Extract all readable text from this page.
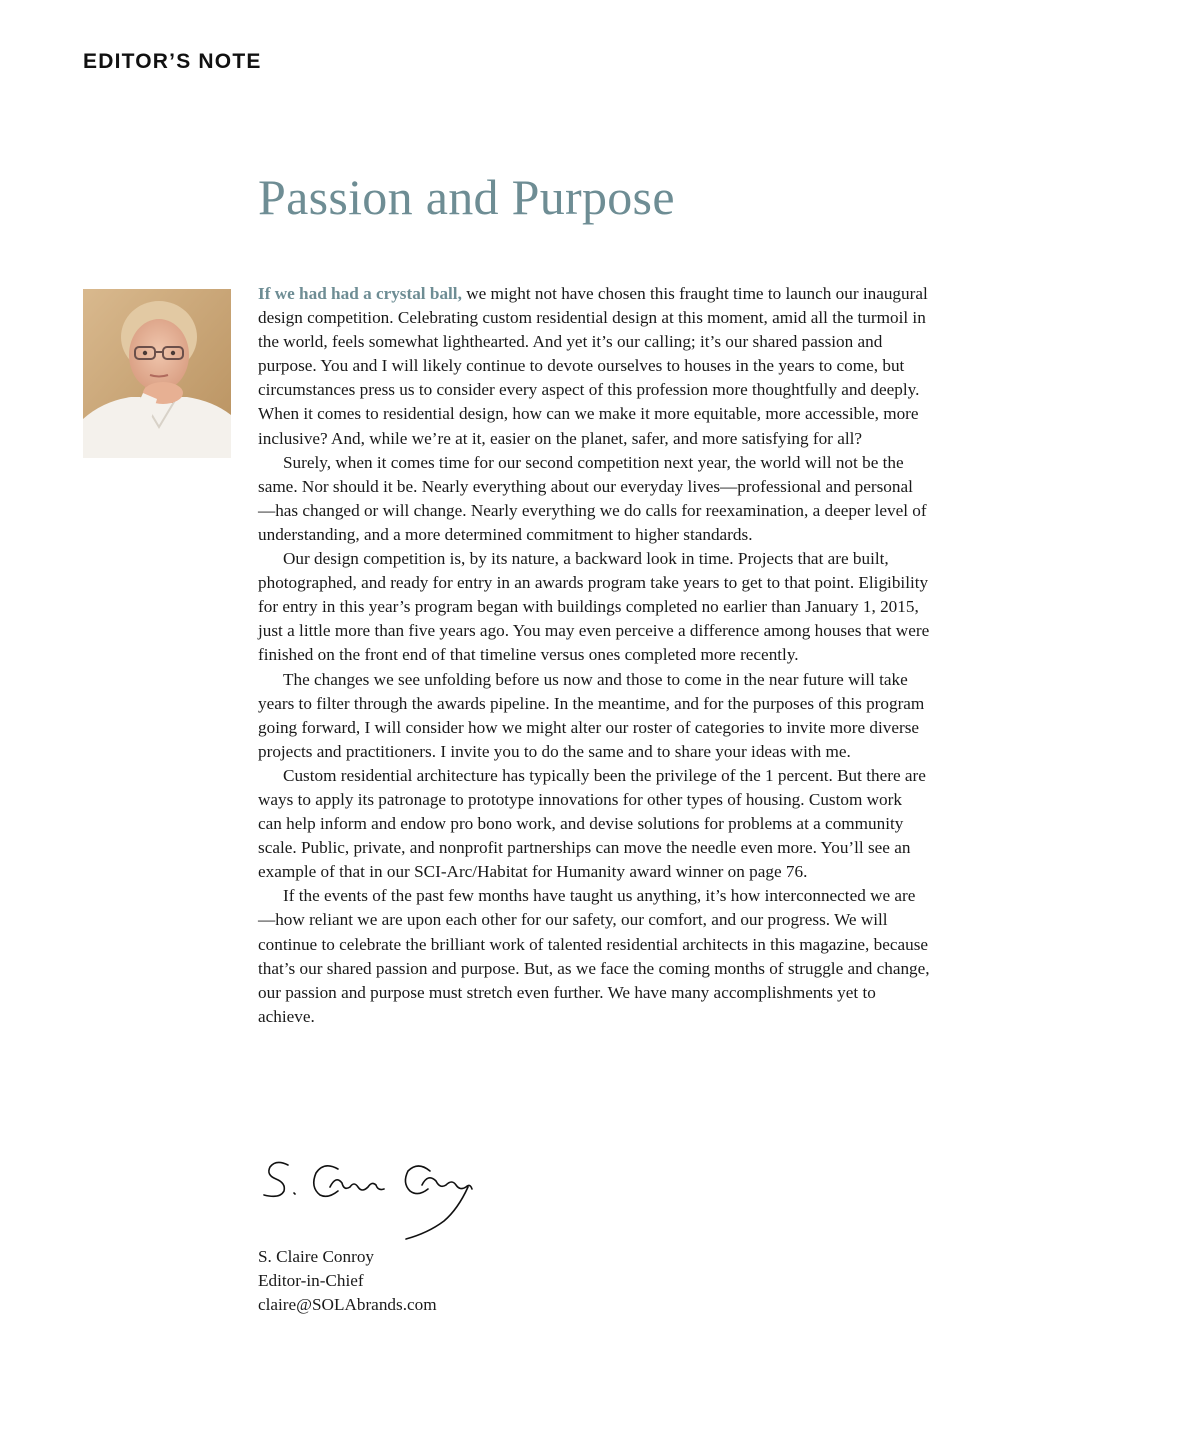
EDITOR’S NOTE
Passion and Purpose

If we had had a crystal ball, we might not have chosen this fraught time to launch our inaugural design competition. Celebrating custom residential design at this moment, amid all the turmoil in the world, feels somewhat lighthearted. And yet it’s our calling; it’s our shared passion and purpose. You and I will likely continue to devote ourselves to houses in the years to come, but circumstances press us to consider every aspect of this profession more thoughtfully and deeply. When it comes to residential design, how can we make it more equitable, more accessible, more inclusive? And, while we’re at it, easier on the planet, safer, and more satisfying for all?

Surely, when it comes time for our second competition next year, the world will not be the same. Nor should it be. Nearly everything about our everyday lives—professional and personal—has changed or will change. Nearly everything we do calls for reexamination, a deeper level of understanding, and a more determined commitment to higher standards.

Our design competition is, by its nature, a backward look in time. Projects that are built, photographed, and ready for entry in an awards program take years to get to that point. Eligibility for entry in this year’s program began with buildings completed no earlier than January 1, 2015, just a little more than five years ago. You may even perceive a difference among houses that were finished on the front end of that timeline versus ones completed more recently.

The changes we see unfolding before us now and those to come in the near future will take years to filter through the awards pipeline. In the meantime, and for the purposes of this program going forward, I will consider how we might alter our roster of categories to invite more diverse projects and practitioners. I invite you to do the same and to share your ideas with me.

Custom residential architecture has typically been the privilege of the 1 percent. But there are ways to apply its patronage to prototype innovations for other types of housing. Custom work can help inform and endow pro bono work, and devise solutions for problems at a community scale. Public, private, and nonprofit partnerships can move the needle even more. You’ll see an example of that in our SCI-Arc/Habitat for Humanity award winner on page 76.

If the events of the past few months have taught us anything, it’s how interconnected we are—how reliant we are upon each other for our safety, our comfort, and our progress. We will continue to celebrate the brilliant work of talented residential architects in this magazine, because that’s our shared passion and purpose. But, as we face the coming months of struggle and change, our passion and purpose must stretch even further. We have many accomplishments yet to achieve.

S. Claire Conroy
Editor-in-Chief
claire@SOLAbrands.com
